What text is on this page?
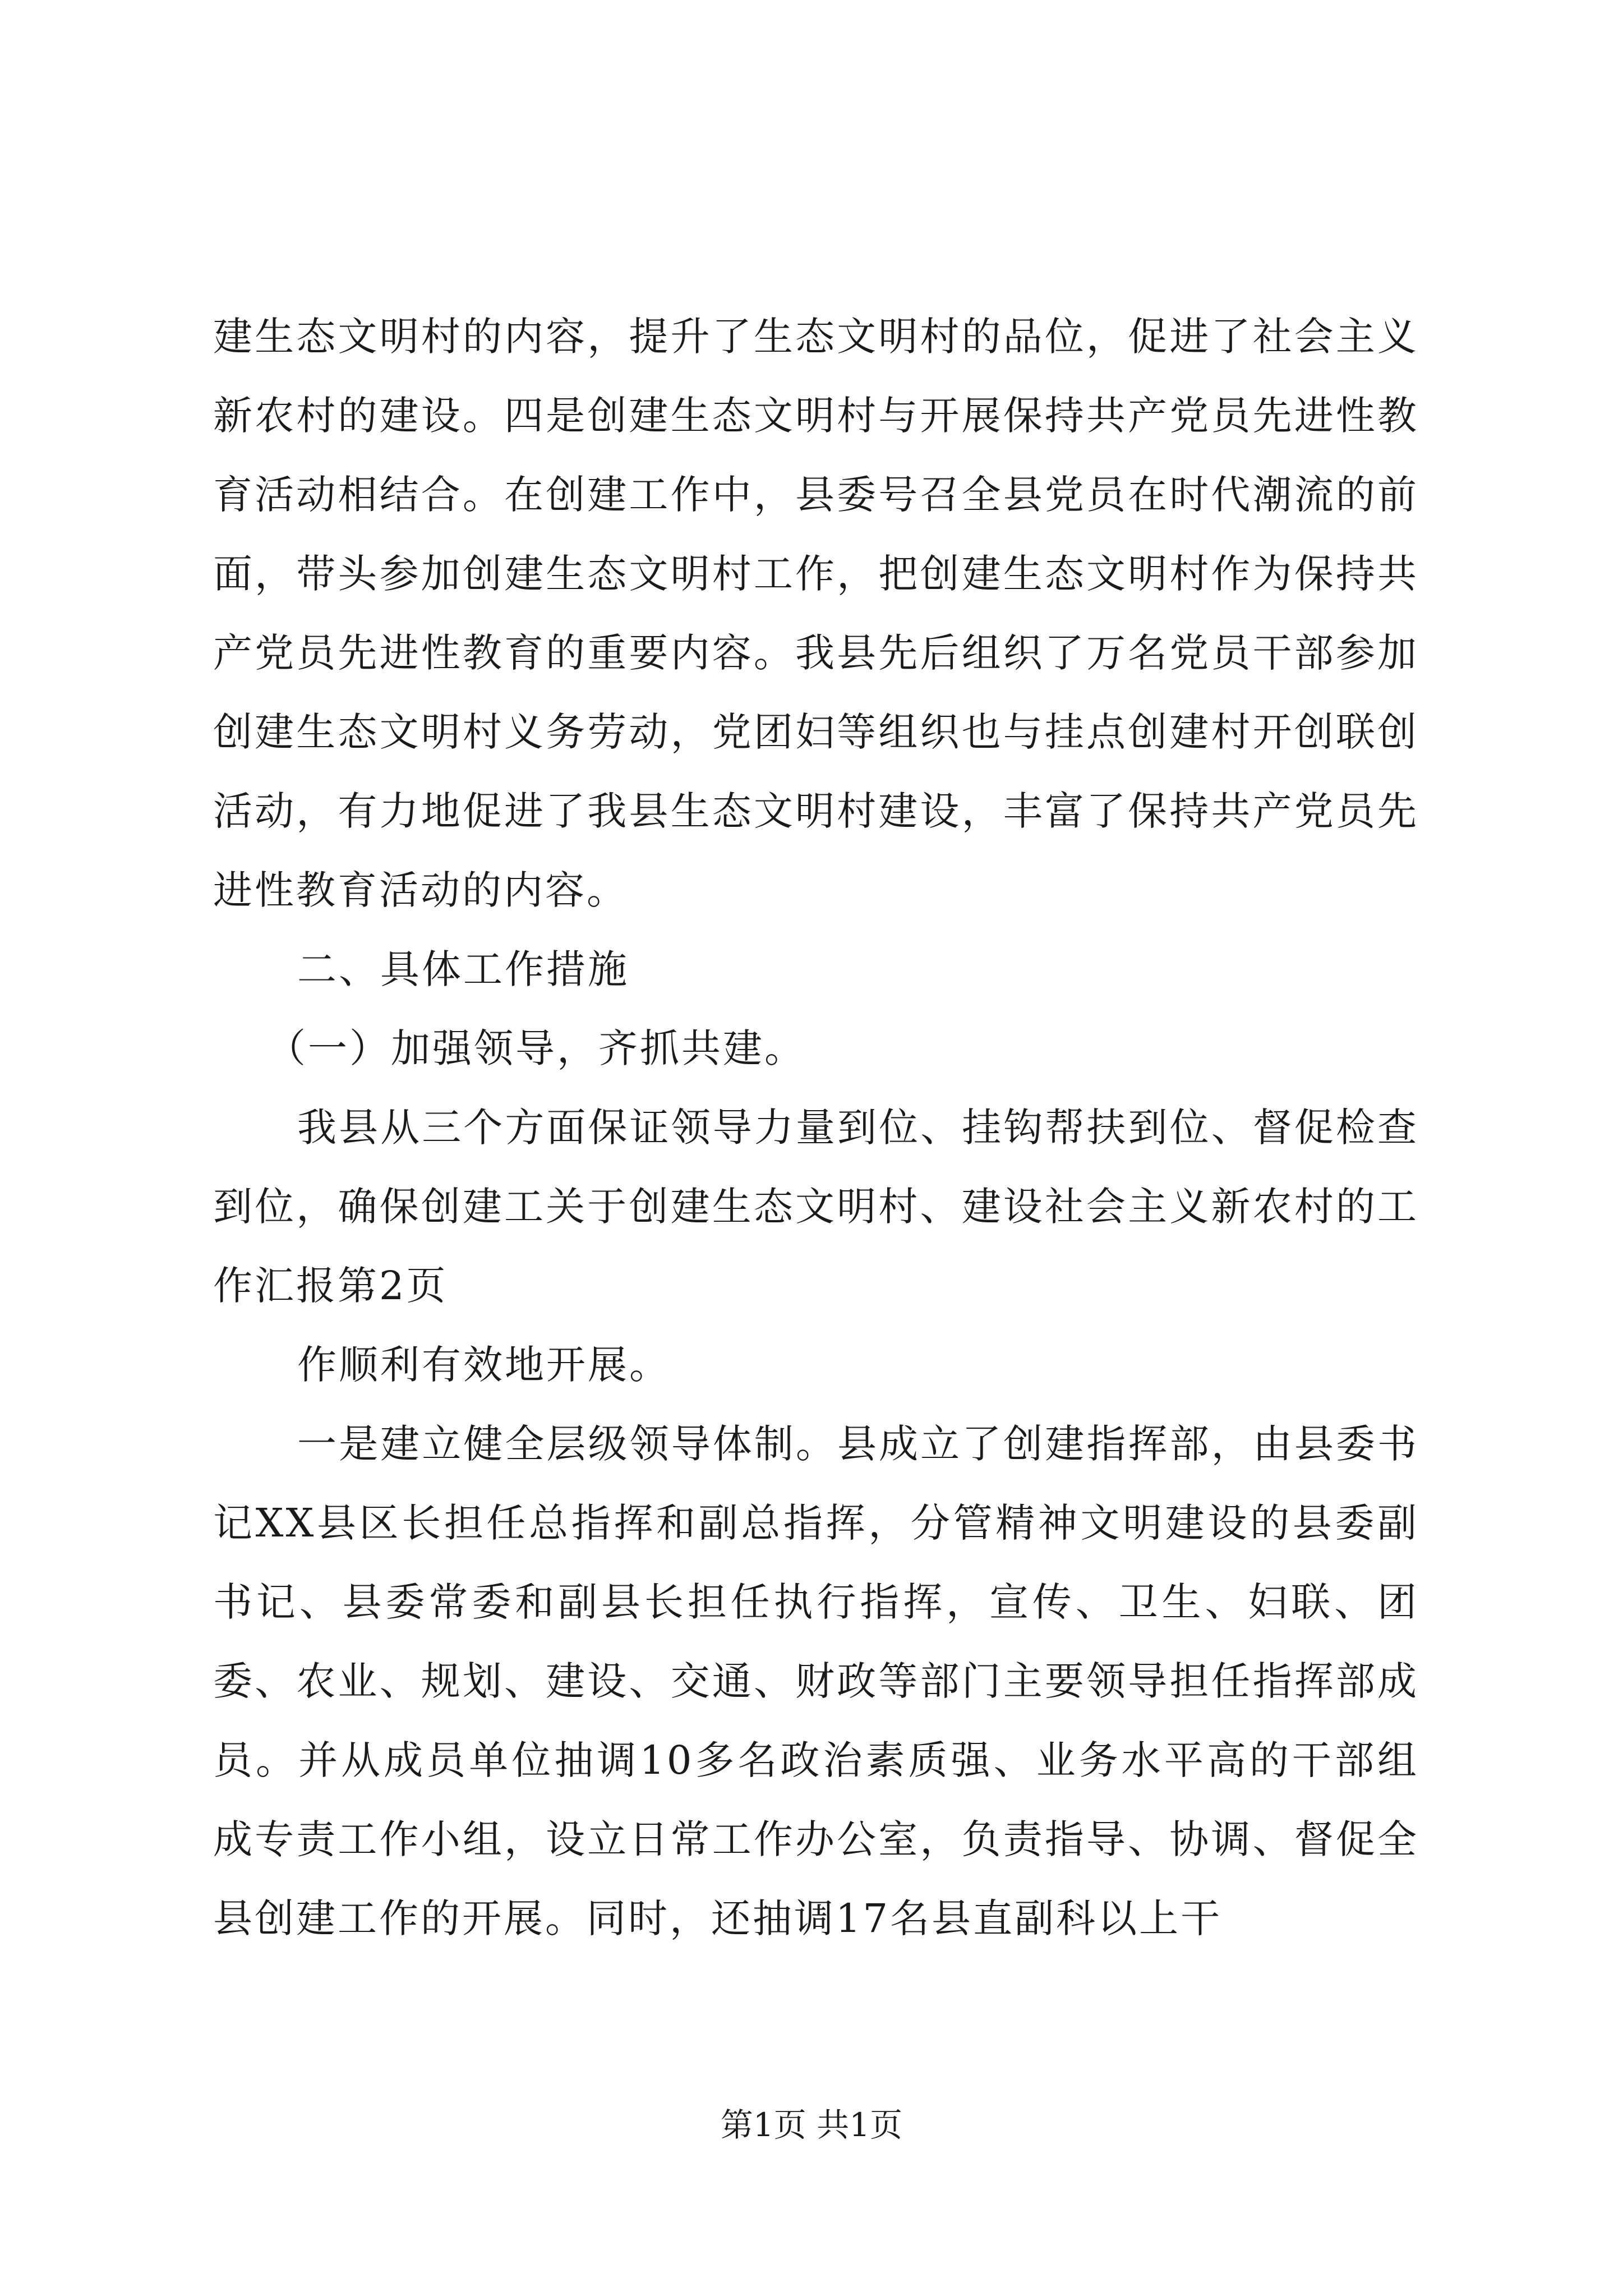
建生态文明村的内容，提升了生态文明村的品位，促进了社会主义新农村的建设。四是创建生态文明村与开展保持共产党员先进性教育活动相结合。在创建工作中，县委号召全县党员在时代潮流的前面，带头参加创建生态文明村工作，把创建生态文明村作为保持共产党员先进性教育的重要内容。我县先后组织了万名党员干部参加创建生态文明村义务劳动，党团妇等组织也与挂点创建村开创联创活动，有力地促进了我县生态文明村建设，丰富了保持共产党员先进性教育活动的内容。

二、具体工作措施

（一）加强领导，齐抓共建。

我县从三个方面保证领导力量到位、挂钩帮扶到位、督促检查到位，确保创建工关于创建生态文明村、建设社会主义新农村的工作汇报第2页

作顺利有效地开展。

一是建立健全层级领导体制。县成立了创建指挥部，由县委书记XX县区长担任总指挥和副总指挥，分管精神文明建设的县委副书记、县委常委和副县长担任执行指挥，宣传、卫生、妇联、团委、农业、规划、建设、交通、财政等部门主要领导担任指挥部成员。并从成员单位抽调10多名政治素质强、业务水平高的干部组成专责工作小组，设立日常工作办公室，负责指导、协调、督促全县创建工作的开展。同时，还抽调17名县直副科以上干

第1页 共1页
